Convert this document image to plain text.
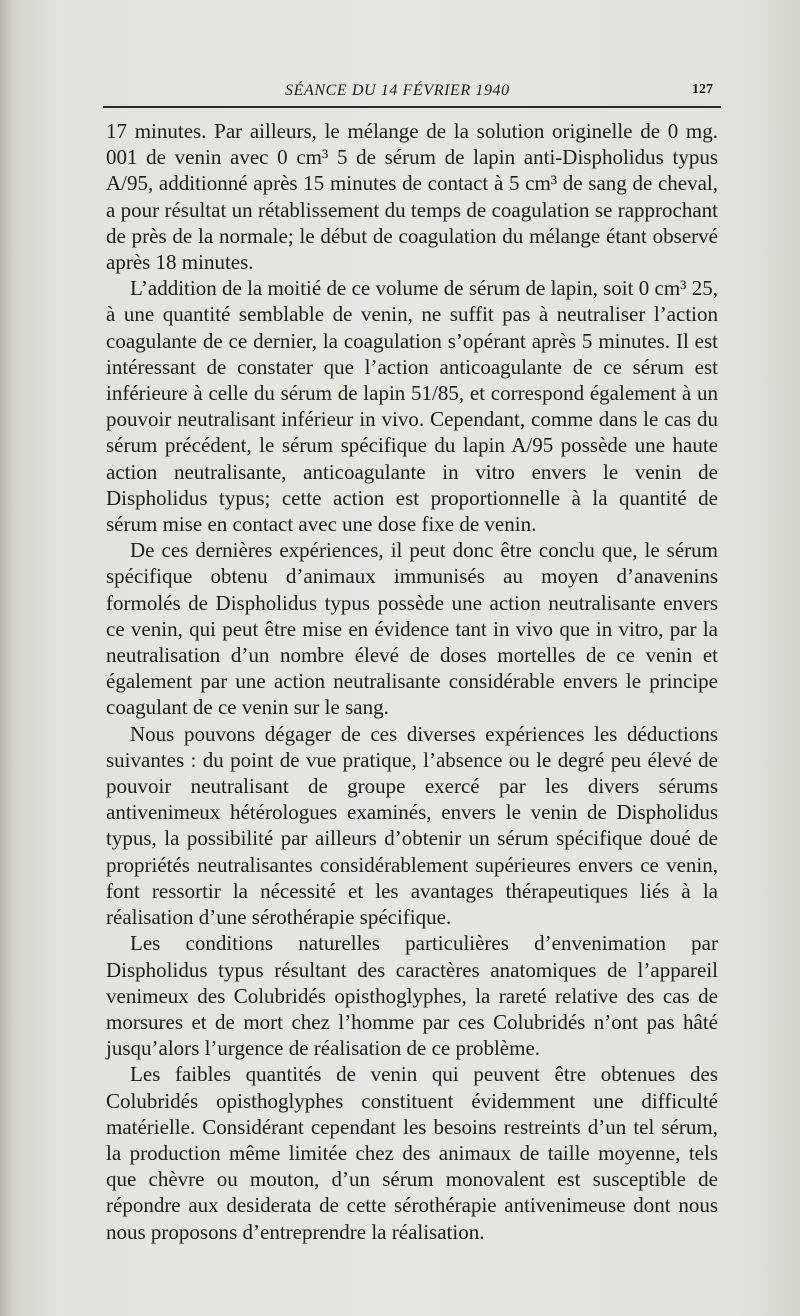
SÉANCE DU 14 FÉVRIER 1940	127

17 minutes. Par ailleurs, le mélange de la solution originelle de 0 mg. 001 de venin avec 0 cm³ 5 de sérum de lapin anti-Dispholidus typus A/95, additionné après 15 minutes de contact à 5 cm³ de sang de cheval, a pour résultat un rétablissement du temps de coagulation se rapprochant de près de la normale; le début de coagulation du mélange étant observé après 18 minutes.

L’addition de la moitié de ce volume de sérum de lapin, soit 0 cm³ 25, à une quantité semblable de venin, ne suffit pas à neutraliser l’action coagulante de ce dernier, la coagulation s’opérant après 5 minutes. Il est intéressant de constater que l’action anticoagulante de ce sérum est inférieure à celle du sérum de lapin 51/85, et correspond également à un pouvoir neutralisant inférieur in vivo. Cependant, comme dans le cas du sérum précédent, le sérum spécifique du lapin A/95 possède une haute action neutralisante, anticoagulante in vitro envers le venin de Dispholidus typus; cette action est proportionnelle à la quantité de sérum mise en contact avec une dose fixe de venin.

De ces dernières expériences, il peut donc être conclu que, le sérum spécifique obtenu d’animaux immunisés au moyen d’anavenins formolés de Dispholidus typus possède une action neutralisante envers ce venin, qui peut être mise en évidence tant in vivo que in vitro, par la neutralisation d’un nombre élevé de doses mortelles de ce venin et également par une action neutralisante considérable envers le principe coagulant de ce venin sur le sang.

Nous pouvons dégager de ces diverses expériences les déductions suivantes : du point de vue pratique, l’absence ou le degré peu élevé de pouvoir neutralisant de groupe exercé par les divers sérums antivenimeux hétérologues examinés, envers le venin de Dispholidus typus, la possibilité par ailleurs d’obtenir un sérum spécifique doué de propriétés neutralisantes considérablement supérieures envers ce venin, font ressortir la nécessité et les avantages thérapeutiques liés à la réalisation d’une sérothérapie spécifique.

Les conditions naturelles particulières d’envenimation par Dispholidus typus résultant des caractères anatomiques de l’appareil venimeux des Colubridés opisthoglyphes, la rareté relative des cas de morsures et de mort chez l’homme par ces Colubridés n’ont pas hâté jusqu’alors l’urgence de réalisation de ce problème.

Les faibles quantités de venin qui peuvent être obtenues des Colubridés opisthoglyphes constituent évidemment une difficulté matérielle. Considérant cependant les besoins restreints d’un tel sérum, la production même limitée chez des animaux de taille moyenne, tels que chèvre ou mouton, d’un sérum monovalent est susceptible de répondre aux desiderata de cette sérothérapie antivenimeuse dont nous nous proposons d’entreprendre la réalisation.
